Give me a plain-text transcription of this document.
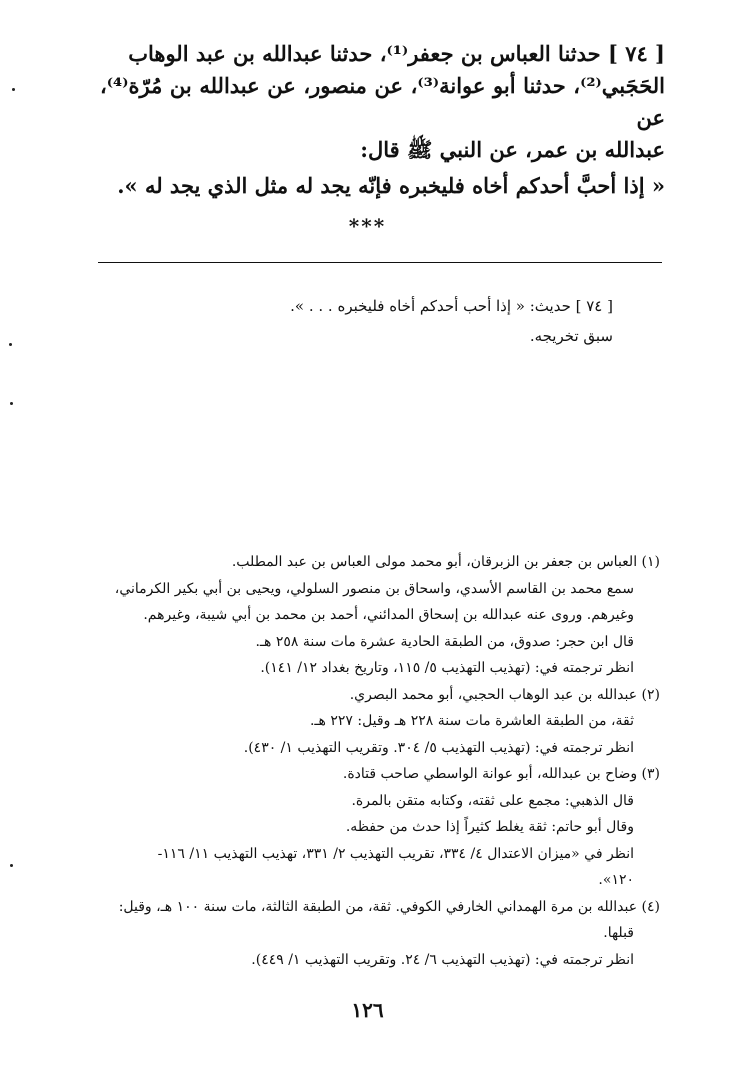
[ ٧٤ ] حدثنا العباس بن جعفر⁽¹⁾، حدثنا عبدالله بن عبد الوهاب

الحَجَبي⁽²⁾، حدثنا أبو عوانة⁽³⁾، عن منصور، عن عبدالله بن مُرّة⁽⁴⁾، عن

عبدالله بن عمر، عن النبي ﷺ قال:

« إذا أحبَّ أحدكم أخاه فليخبره فإنّه يجد له مثل الذي يجد له ».

***

[ ٧٤ ] حديث: « إذا أحب أحدكم أخاه فليخبره . . . ».

سبق تخريجه.

(١) العباس بن جعفر بن الزبرقان، أبو محمد مولى العباس بن عبد المطلب.

سمع محمد بن القاسم الأسدي، واسحاق بن منصور السلولي، ويحيى بن أبي بكير الكرماني،

وغيرهم. وروى عنه عبدالله بن إسحاق المدائني، أحمد بن محمد بن أبي شيبة، وغيرهم.

قال ابن حجر: صدوق، من الطبقة الحادية عشرة مات سنة ٢٥٨ هـ.

انظر ترجمته في: (تهذيب التهذيب ٥/ ١١٥، وتاريخ بغداد ١٢/ ١٤١).

(٢) عبدالله بن عبد الوهاب الحجبي، أبو محمد البصري.

ثقة، من الطبقة العاشرة مات سنة ٢٢٨ هـ وقيل: ٢٢٧ هـ.

انظر ترجمته في: (تهذيب التهذيب ٥/ ٣٠٤. وتقريب التهذيب ١/ ٤٣٠).

(٣) وضاح بن عبدالله، أبو عوانة الواسطي صاحب قتادة.

قال الذهبي: مجمع على ثقته، وكتابه متقن بالمرة.

وقال أبو حاتم: ثقة يغلط كثيراً إذا حدث من حفظه.

انظر في «ميزان الاعتدال ٤/ ٣٣٤، تقريب التهذيب ٢/ ٣٣١، تهذيب التهذيب ١١/ ١١٦-

١٢٠».

(٤) عبدالله بن مرة الهمداني الخارفي الكوفي. ثقة، من الطبقة الثالثة، مات سنة ١٠٠ هـ، وقيل:

قبلها.

انظر ترجمته في: (تهذيب التهذيب ٦/ ٢٤. وتقريب التهذيب ١/ ٤٤٩).

١٢٦
